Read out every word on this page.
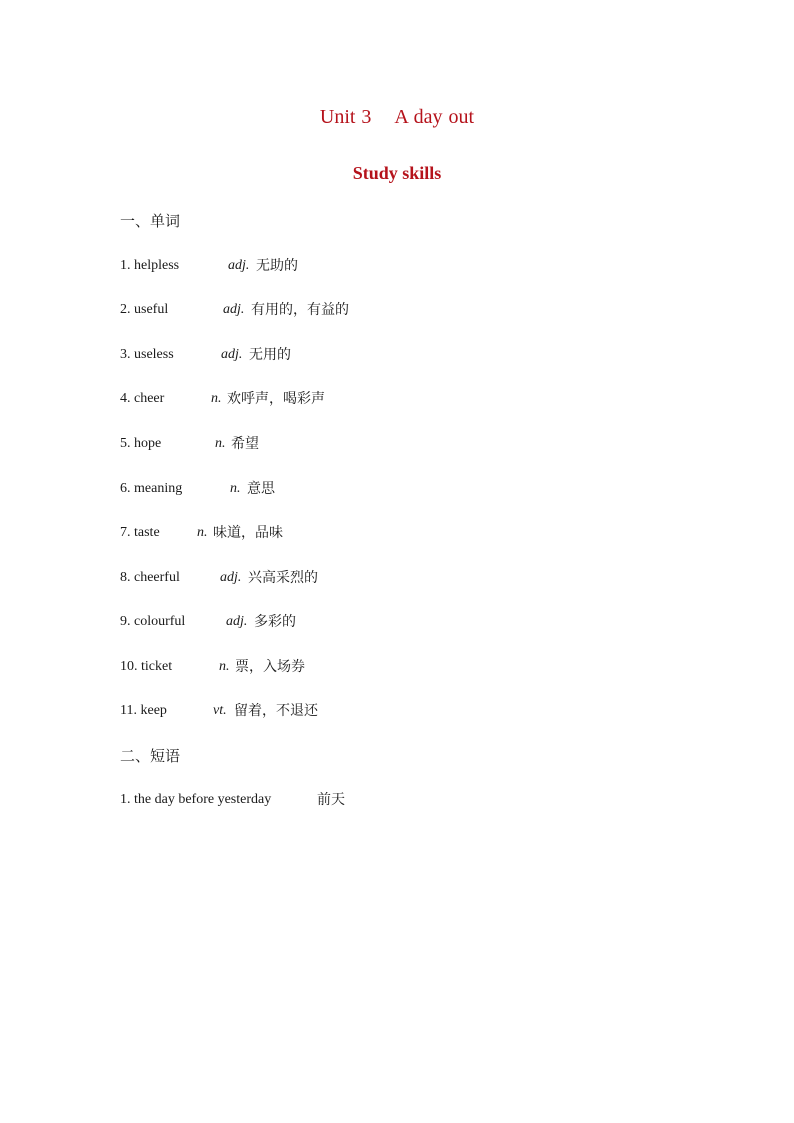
Unit 3    A day out
Study skills
一、单词
1. helpless	adj. 无助的
2. useful	adj. 有用的，有益的
3. useless	adj. 无用的
4. cheer	n. 欢呼声，喝彩声
5. hope	n. 希望
6. meaning	n. 意思
7. taste	n. 味道，品味
8. cheerful	adj. 兴高采烈的
9. colourful	adj. 多彩的
10. ticket	n. 票，入场券
11. keep	vt. 留着，不退还
二、短语
1. the day before yesterday	前天
